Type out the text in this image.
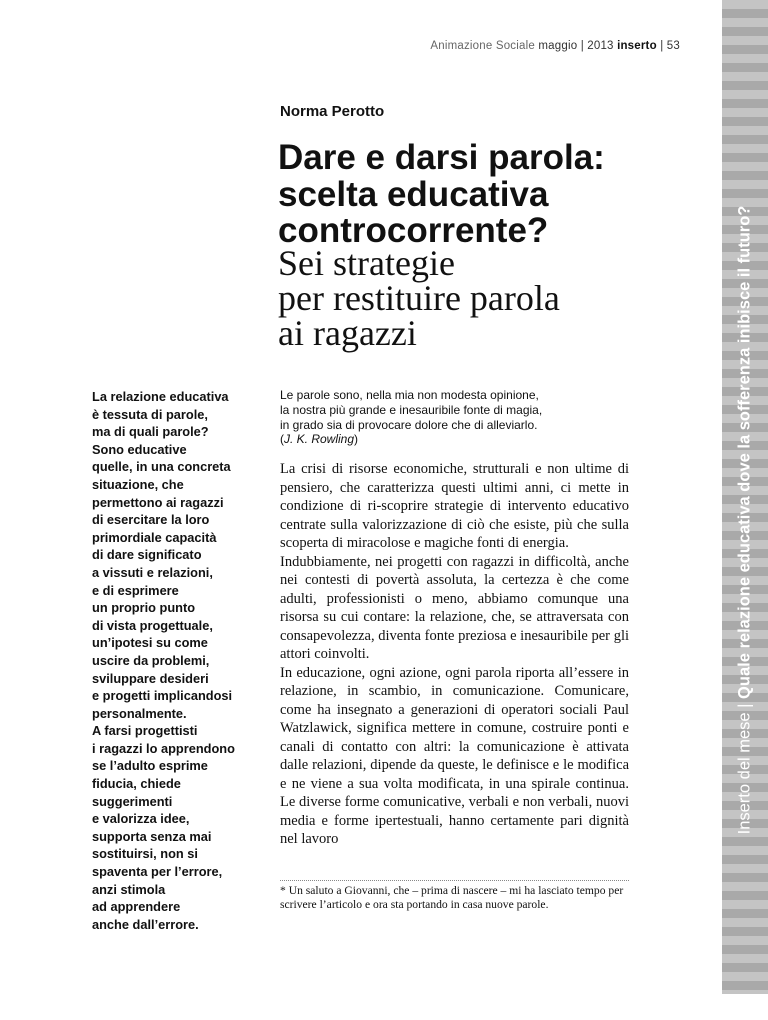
Animazione Sociale maggio | 2013 inserto | 53
Inserto del mese | Quale relazione educativa dove la sofferenza inibisce il futuro?
Norma Perotto
Dare e darsi parola:
scelta educativa
controcorrente?
Sei strategie
per restituire parola
ai ragazzi
La relazione educativa
è tessuta di parole,
ma di quali parole?
Sono educative
quelle, in una concreta
situazione, che
permettono ai ragazzi
di esercitare la loro
primordiale capacità
di dare significato
a vissuti e relazioni,
e di esprimere
un proprio punto
di vista progettuale,
un’ipotesi su come
uscire da problemi,
sviluppare desideri
e progetti implicandosi
personalmente.
A farsi progettisti
i ragazzi lo apprendono
se l’adulto esprime
fiducia, chiede
suggerimenti
e valorizza idee,
supporta senza mai
sostituirsi, non si
spaventa per l’errore,
anzi stimola
ad apprendere
anche dall’errore.
Le parole sono, nella mia non modesta opinione,
la nostra più grande e inesauribile fonte di magia,
in grado sia di provocare dolore che di alleviarlo.
(J. K. Rowling)

La crisi di risorse economiche, strutturali e non ultime di pensiero, che caratterizza questi ultimi anni, ci mette in condizione di ri-scoprire strategie di intervento educativo centrate sulla valorizzazione di ciò che esiste, più che sulla scoperta di miracolose e magiche fonti di energia.

Indubbiamente, nei progetti con ragazzi in difficoltà, anche nei contesti di povertà assoluta, la certezza è che come adulti, professionisti o meno, abbiamo comunque una risorsa su cui contare: la relazione, che, se attraversata con consapevolezza, diventa fonte preziosa e inesauribile per gli attori coinvolti.

In educazione, ogni azione, ogni parola riporta all’essere in relazione, in scambio, in comunicazione. Comunicare, come ha insegnato a generazioni di operatori sociali Paul Watzlawick, significa mettere in comune, costruire ponti e canali di contatto con altri: la comunicazione è attivata dalle relazioni, dipende da queste, le definisce e le modifica e ne viene a sua volta modificata, in una spirale continua. Le diverse forme comunicative, verbali e non verbali, nuovi media e forme ipertestuali, hanno certamente pari dignità nel lavoro

* Un saluto a Giovanni, che – prima di nascere – mi ha lasciato tempo per scrivere l’articolo e ora sta portando in casa nuove parole.
